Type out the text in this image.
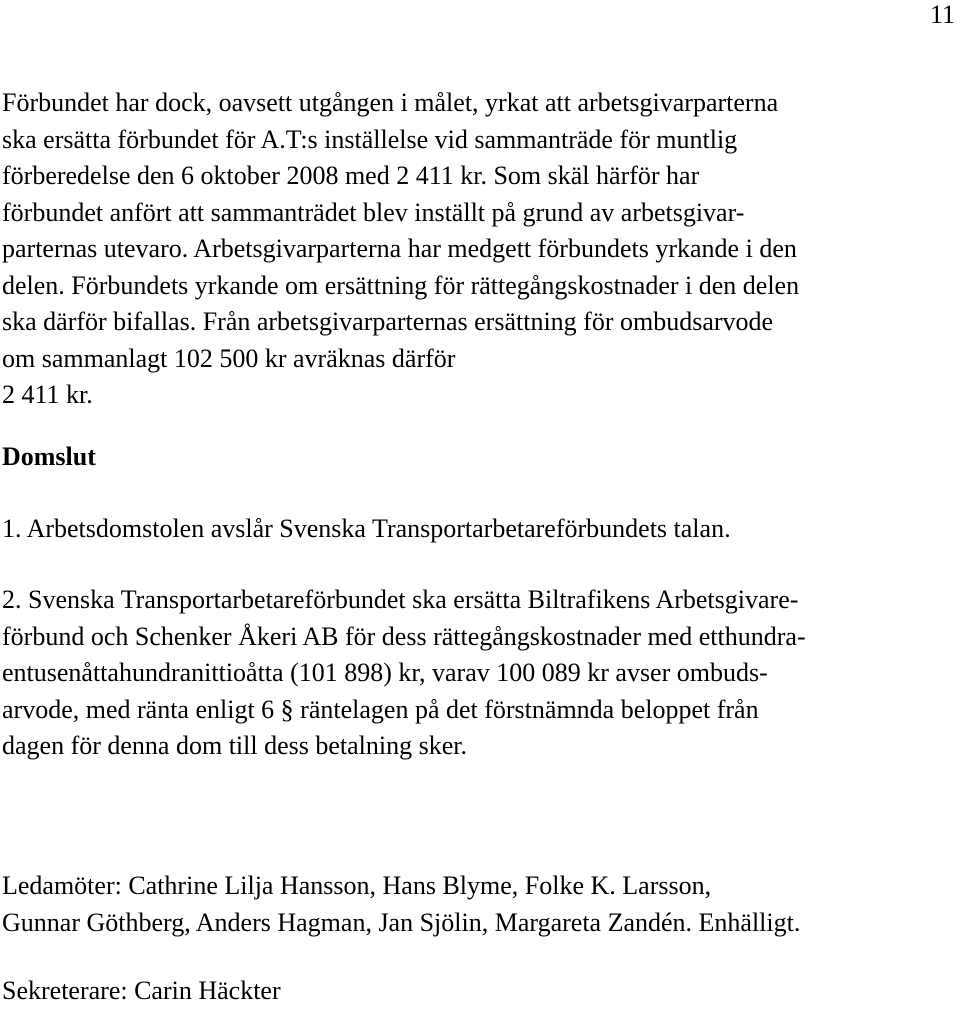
11

Förbundet har dock, oavsett utgången i målet, yrkat att arbetsgivarparterna
ska ersätta förbundet för A.T:s inställelse vid sammanträde för muntlig
förberedelse den 6 oktober 2008 med 2 411 kr. Som skäl härför har
förbundet anfört att sammanträdet blev inställt på grund av arbetsgivar-
parternas utevaro. Arbetsgivarparterna har medgett förbundets yrkande i den
delen. Förbundets yrkande om ersättning för rättegångskostnader i den delen
ska därför bifallas. Från arbetsgivarparternas ersättning för ombudsarvode
om sammanlagt 102 500 kr avräknas därför
2 411 kr.

Domslut

1. Arbetsdomstolen avslår Svenska Transportarbetareförbundets talan.

2. Svenska Transportarbetareförbundet ska ersätta Biltrafikens Arbetsgivare-
förbund och Schenker Åkeri AB för dess rättegångskostnader med etthundra-
entusenåttahundranittioåtta (101 898) kr, varav 100 089 kr avser ombuds-
arvode, med ränta enligt 6 § räntelagen på det förstnämnda beloppet från
dagen för denna dom till dess betalning sker.

Ledamöter: Cathrine Lilja Hansson, Hans Blyme, Folke K. Larsson,
Gunnar Göthberg, Anders Hagman, Jan Sjölin, Margareta Zandén. Enhälligt.

Sekreterare: Carin Häckter
